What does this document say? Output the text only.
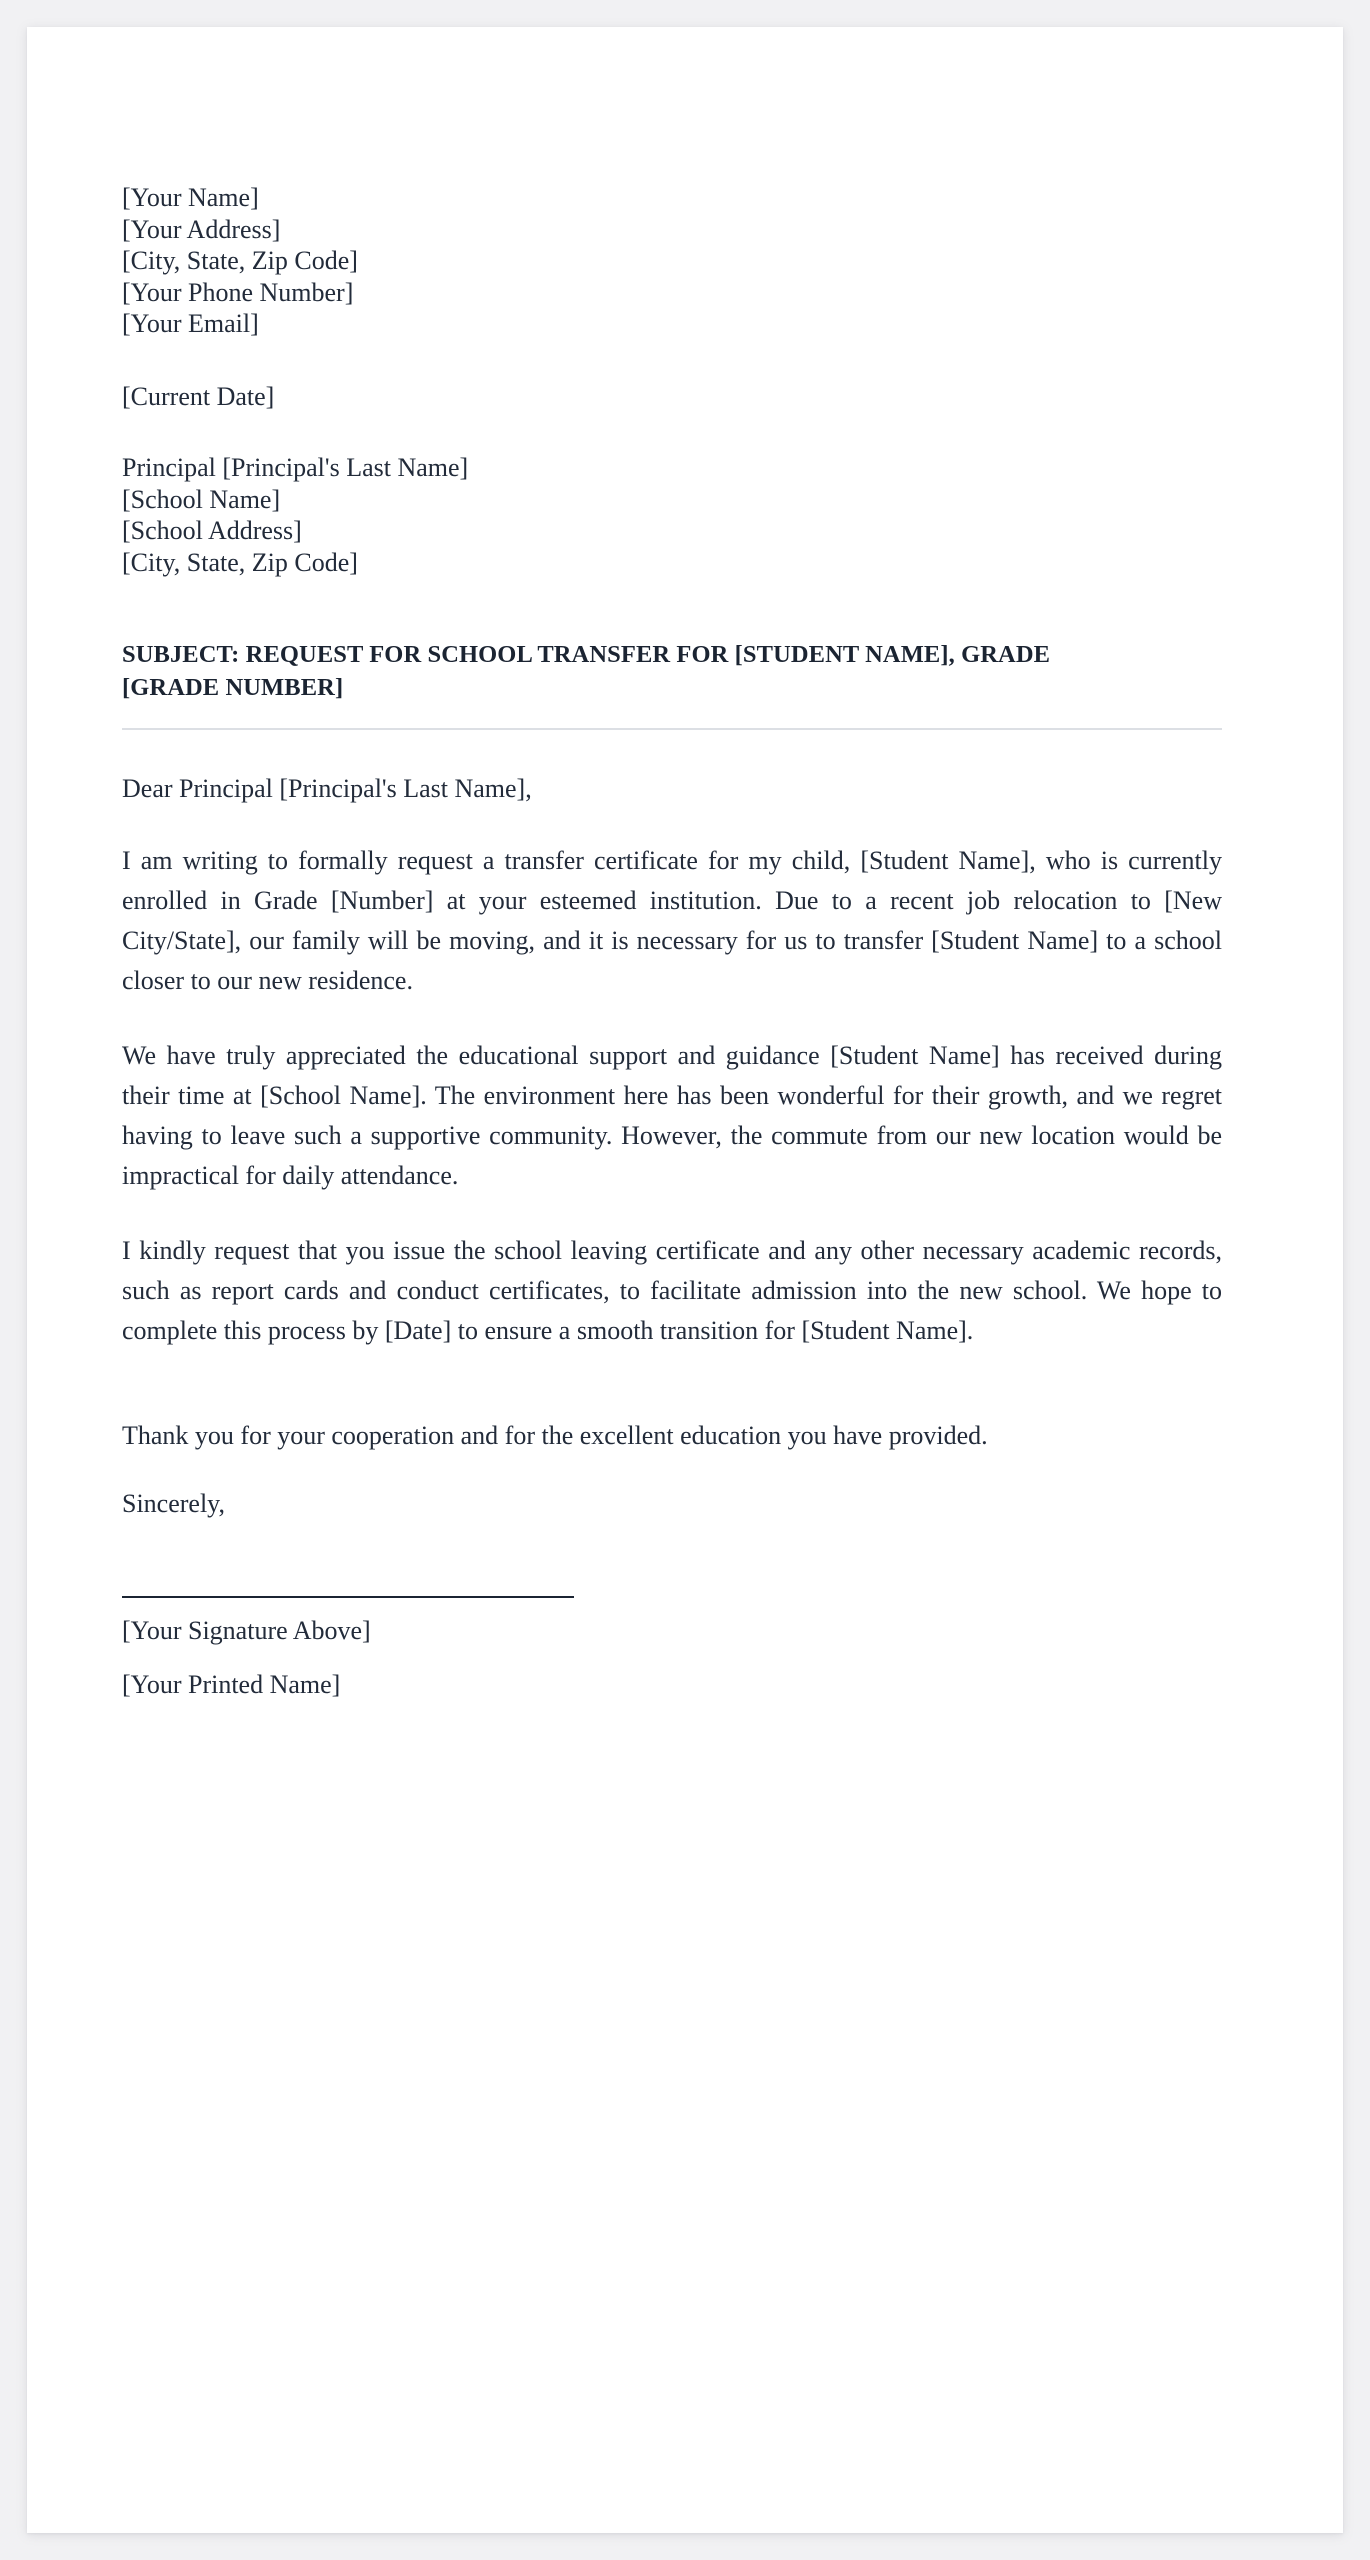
[Your Name]
[Your Address]
[City, State, Zip Code]
[Your Phone Number]
[Your Email]
[Current Date]
Principal [Principal's Last Name]
[School Name]
[School Address]
[City, State, Zip Code]
SUBJECT: REQUEST FOR SCHOOL TRANSFER FOR [STUDENT NAME], GRADE [GRADE NUMBER]
Dear Principal [Principal's Last Name],
I am writing to formally request a transfer certificate for my child, [Student Name], who is currently enrolled in Grade [Number] at your esteemed institution. Due to a recent job relocation to [New City/State], our family will be moving, and it is necessary for us to transfer [Student Name] to a school closer to our new residence.
We have truly appreciated the educational support and guidance [Student Name] has received during their time at [School Name]. The environment here has been wonderful for their growth, and we regret having to leave such a supportive community. However, the commute from our new location would be impractical for daily attendance.
I kindly request that you issue the school leaving certificate and any other necessary academic records, such as report cards and conduct certificates, to facilitate admission into the new school. We hope to complete this process by [Date] to ensure a smooth transition for [Student Name].
Thank you for your cooperation and for the excellent education you have provided.
Sincerely,
[Your Signature Above]
[Your Printed Name]
